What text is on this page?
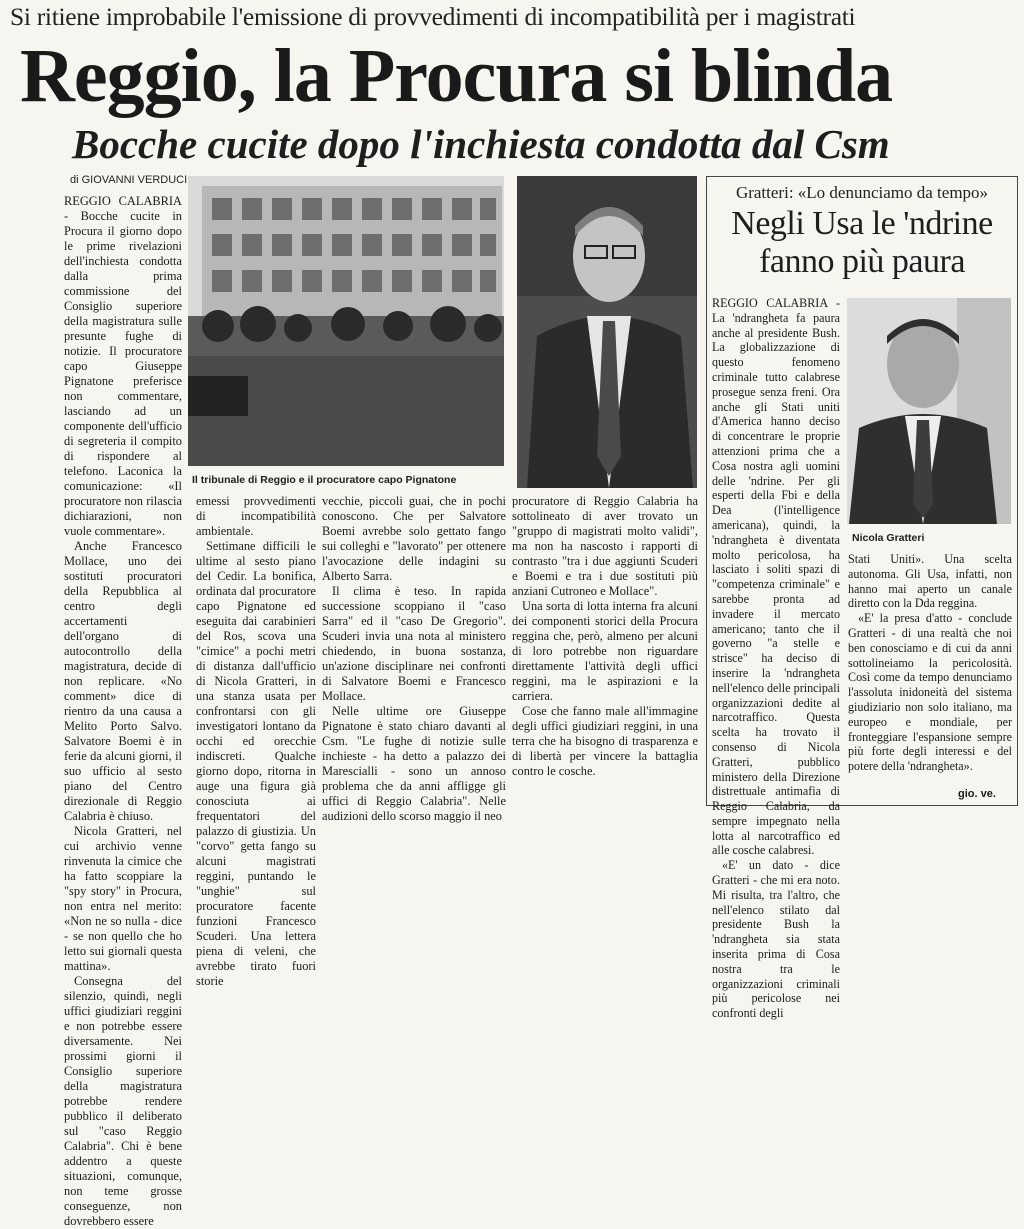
Si ritiene improbabile l'emissione di provvedimenti di incompatibilità per i magistrati
Reggio, la Procura si blinda
Bocche cucite dopo l'inchiesta condotta dal Csm
di GIOVANNI VERDUCI

REGGIO CALABRIA - Bocche cucite in Procura il giorno dopo le prime rivelazioni dell'inchiesta condotta dalla prima commissione del Consiglio superiore della magistratura sulle presunte fughe di notizie. Il procuratore capo Giuseppe Pignatone preferisce non commentare, lasciando ad un componente dell'ufficio di segreteria il compito di rispondere al telefono. Laconica la comunicazione: «Il procuratore non rilascia dichiarazioni, non vuole commentare».

Anche Francesco Mollace, uno dei sostituti procuratori della Repubblica al centro degli accertamenti dell'organo di autocontrollo della magistratura, decide di non replicare. «No comment» dice di rientro da una causa a Melito Porto Salvo. Salvatore Boemi è in ferie da alcuni giorni, il suo ufficio al sesto piano del Centro direzionale di Reggio Calabria è chiuso.

Nicola Gratteri, nel cui archivio venne rinvenuta la cimice che ha fatto scoppiare la "spy story" in Procura, non entra nel merito: «Non ne so nulla - dice - se non quello che ho letto sui giornali questa mattina».

Consegna del silenzio, quindi, negli uffici giudiziari reggini e non potrebbe essere diversamente. Nei prossimi giorni il Consiglio superiore della magistratura potrebbe rendere pubblico il deliberato sul "caso Reggio Calabria". Chi è bene addentro a queste situazioni, comunque, non teme grosse conseguenze, non dovrebbero essere

Il tribunale di Reggio e il procuratore capo Pignatone

emessi provvedimenti di incompatibilità ambientale.

Settimane difficili le ultime al sesto piano del Cedir. La bonifica, ordinata dal procuratore capo Pignatone ed eseguita dai carabinieri del Ros, scova una "cimice" a pochi metri di distanza dall'ufficio di Nicola Gratteri, in una stanza usata per confrontarsi con gli investigatori lontano da occhi ed orecchie indiscreti. Qualche giorno dopo, ritorna in auge una figura già conosciuta ai frequentatori del palazzo di giustizia. Un "corvo" getta fango su alcuni magistrati reggini, puntando le "unghie" sul procuratore facente funzioni Francesco Scuderi. Una lettera piena di veleni, che avrebbe tirato fuori storie

vecchie, piccoli guai, che in pochi conoscono. Che per Salvatore Boemi avrebbe solo gettato fango sui colleghi e "lavorato" per ottenere l'avocazione delle indagini su Alberto Sarra.

Il clima è teso. In rapida successione scoppiano il "caso Sarra" ed il "caso De Gregorio". Scuderi invia una nota al ministero chiedendo, in buona sostanza, un'azione disciplinare nei confronti di Salvatore Boemi e Francesco Mollace.

Nelle ultime ore Giuseppe Pignatone è stato chiaro davanti al Csm. "Le fughe di notizie sulle inchieste - ha detto a palazzo dei Marescialli - sono un annoso problema che da anni affligge gli uffici di Reggio Calabria". Nelle audizioni dello scorso maggio il neo

procuratore di Reggio Calabria ha sottolineato di aver trovato un "gruppo di magistrati molto validi", ma non ha nascosto i rapporti di contrasto "tra i due aggiunti Scuderi e Boemi e tra i due sostituti più anziani Cutroneo e Mollace".

Una sorta di lotta interna fra alcuni dei componenti storici della Procura reggina che, però, almeno per alcuni di loro potrebbe non riguardare direttamente l'attività degli uffici reggini, ma le aspirazioni e la carriera.

Cose che fanno male all'immagine degli uffici giudiziari reggini, in una terra che ha bisogno di trasparenza e di libertà per vincere la battaglia contro le cosche.

Gratteri: «Lo denunciamo da tempo»
Negli Usa le 'ndrine
fanno più paura

REGGIO CALABRIA - La 'ndrangheta fa paura anche al presidente Bush. La globalizzazione di questo fenomeno criminale tutto calabrese prosegue senza freni. Ora anche gli Stati uniti d'America hanno deciso di concentrare le proprie attenzioni prima che a Cosa nostra agli uomini delle 'ndrine. Per gli esperti della Fbi e della Dea (l'intelligence americana), quindi, la 'ndrangheta è diventata molto pericolosa, ha lasciato i soliti spazi di "competenza criminale" e sarebbe pronta ad invadere il mercato americano; tanto che il governo "a stelle e strisce" ha deciso di inserire la 'ndrangheta nell'elenco delle principali organizzazioni dedite al narcotraffico. Questa scelta ha trovato il consenso di Nicola Gratteri, pubblico ministero della Direzione distrettuale antimafia di Reggio Calabria, da sempre impegnato nella lotta al narcotraffico ed alle cosche calabresi.

«E' un dato - dice Gratteri - che mi era noto. Mi risulta, tra l'altro, che nell'elenco stilato dal presidente Bush la 'ndrangheta sia stata inserita prima di Cosa nostra tra le organizzazioni criminali più pericolose nei confronti degli

Nicola Gratteri

Stati Uniti». Una scelta autonoma. Gli Usa, infatti, non hanno mai aperto un canale diretto con la Dda reggina.

«E' la presa d'atto - conclude Gratteri - di una realtà che noi ben conosciamo e di cui da anni sottolineiamo la pericolosità. Così come da tempo denunciamo l'assoluta inidoneità del sistema giudiziario non solo italiano, ma europeo e mondiale, per fronteggiare l'espansione sempre più forte degli interessi e del potere della 'ndrangheta».

gio. ve.
